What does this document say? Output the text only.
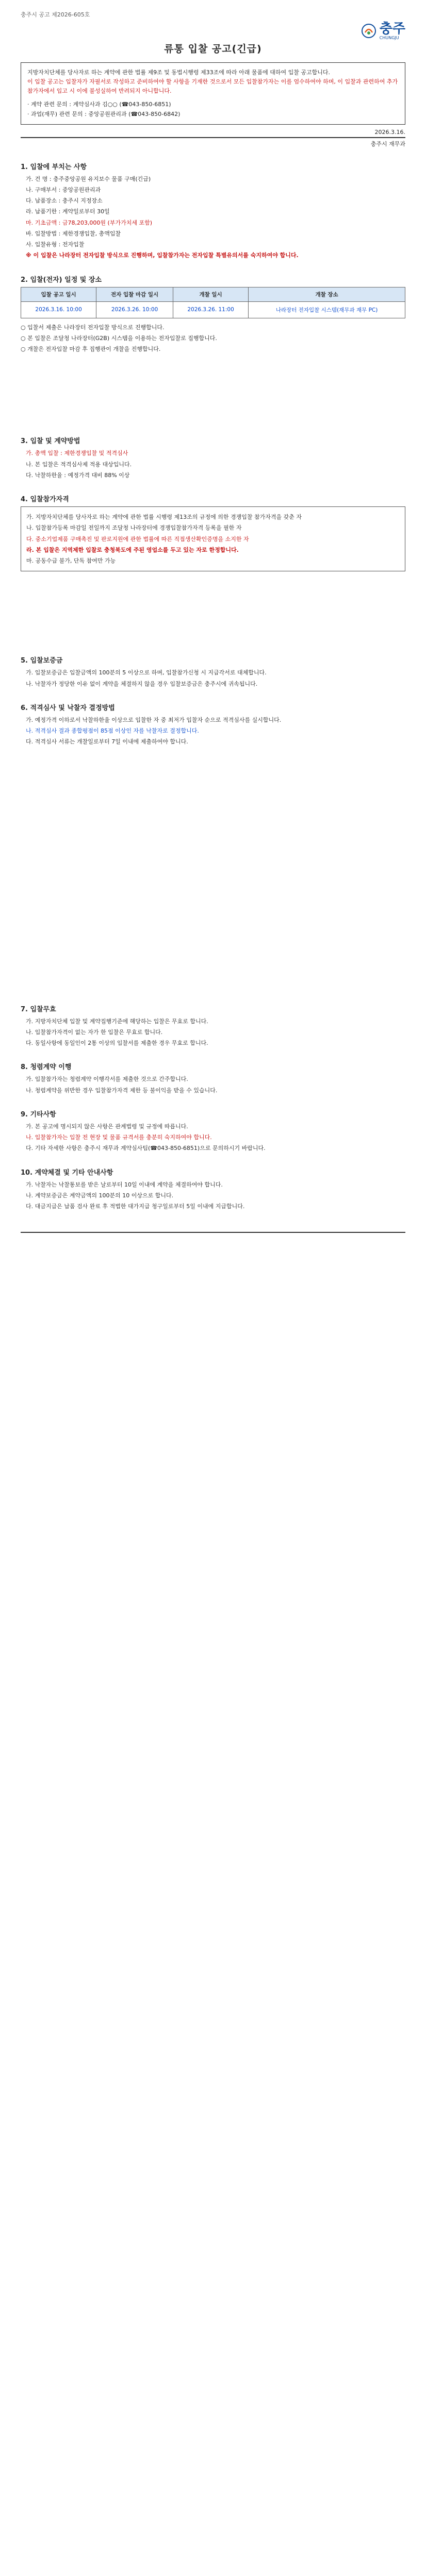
충주시 공고 제2026-605호
충주
CHUNGJU
류통 입찰 공고(긴급)
지방자치단체를 당사자로 하는 계약에 관한 법률 제9조 및 동법시행령 제33조에 따라 아래 물품에 대하여 입찰 공고합니다.
이 입찰 공고는 입찰자가 자필서로 작성하고 준비하여야 할 사항을 기재한 것으로서 모든 입찰참가자는 이를 엄수하여야 하며, 이 입찰과 관련하여 추가 참가자에서 입고 시 이에 불성실하여 반려되지 아니합니다.
· 계약 관련 문의 : 계약심사과 김○○ (☎043-850-6851)
· 과업(재무) 관련 문의 : 중앙공원관리과 (☎043-850-6842)
2026.3.16.
충주시 재무과
1. 입찰에 부치는 사항
가. 건 명 : 충주중앙공원 유지보수 물품 구매(긴급)
나. 구매부서 : 중앙공원관리과
다. 납품장소 : 충주시 지정장소
라. 납품기한 : 계약일로부터 30일
마. 기초금액 : 금78,203,000원 (부가가치세 포함)
바. 입찰방법 : 제한경쟁입찰, 총액입찰
사. 입찰유형 : 전자입찰
※ 이 입찰은 나라장터 전자입찰 방식으로 진행하며, 입찰참가자는 전자입찰 특별유의서를 숙지하여야 합니다.
2. 입찰(전자) 일정 및 장소
입찰 공고 일시	전자 입찰 마감 일시	개찰 일시	개찰 장소
2026.3.16. 10:00	2026.3.26. 10:00	2026.3.26. 11:00	나라장터 전자입찰 시스템(재무과 재무 PC)
○ 입찰서 제출은 나라장터 전자입찰 방식으로 진행합니다.
○ 본 입찰은 조달청 나라장터(G2B) 시스템을 이용하는 전자입찰로 집행합니다.
○ 개찰은 전자입찰 마감 후 집행관이 개찰을 진행합니다.
3. 입찰 및 계약방법
가. 총액 입찰 : 제한경쟁입찰 및 적격심사
나. 본 입찰은 적격심사제 적용 대상입니다.
다. 낙찰하한율 : 예정가격 대비 88% 이상
4. 입찰참가자격
가. 지방자치단체를 당사자로 하는 계약에 관한 법률 시행령 제13조의 규정에 의한 경쟁입찰 참가자격을 갖춘 자
나. 입찰참가등록 마감일 전일까지 조달청 나라장터에 경쟁입찰참가자격 등록을 필한 자
다. 중소기업제품 구매촉진 및 판로지원에 관한 법률에 따른 직접생산확인증명을 소지한 자
라. 본 입찰은 지역제한 입찰로 충청북도에 주된 영업소를 두고 있는 자로 한정합니다.
마. 공동수급 불가, 단독 참여만 가능
5. 입찰보증금
가. 입찰보증금은 입찰금액의 100분의 5 이상으로 하며, 입찰참가신청 시 지급각서로 대체합니다.
나. 낙찰자가 정당한 이유 없이 계약을 체결하지 않을 경우 입찰보증금은 충주시에 귀속됩니다.
6. 적격심사 및 낙찰자 결정방법
가. 예정가격 이하로서 낙찰하한율 이상으로 입찰한 자 중 최저가 입찰자 순으로 적격심사를 실시합니다.
나. 적격심사 결과 종합평점이 85점 이상인 자를 낙찰자로 결정합니다.
다. 적격심사 서류는 개찰일로부터 7일 이내에 제출하여야 합니다.
7. 입찰무효
가. 지방자치단체 입찰 및 계약집행기준에 해당하는 입찰은 무효로 합니다.
나. 입찰참가자격이 없는 자가 한 입찰은 무효로 합니다.
다. 동일사항에 동일인이 2통 이상의 입찰서를 제출한 경우 무효로 합니다.
8. 청렴계약 이행
가. 입찰참가자는 청렴계약 이행각서를 제출한 것으로 간주합니다.
나. 청렴계약을 위반한 경우 입찰참가자격 제한 등 불이익을 받을 수 있습니다.
9. 기타사항
가. 본 공고에 명시되지 않은 사항은 관계법령 및 규정에 따릅니다.
나. 입찰참가자는 입찰 전 현장 및 물품 규격서를 충분히 숙지하여야 합니다.
다. 기타 자세한 사항은 충주시 재무과 계약심사팀(☎043-850-6851)으로 문의하시기 바랍니다.
10. 계약체결 및 기타 안내사항
가. 낙찰자는 낙찰통보를 받은 날로부터 10일 이내에 계약을 체결하여야 합니다.
나. 계약보증금은 계약금액의 100분의 10 이상으로 합니다.
다. 대금지급은 납품 검사 완료 후 적법한 대가지급 청구일로부터 5일 이내에 지급합니다.
